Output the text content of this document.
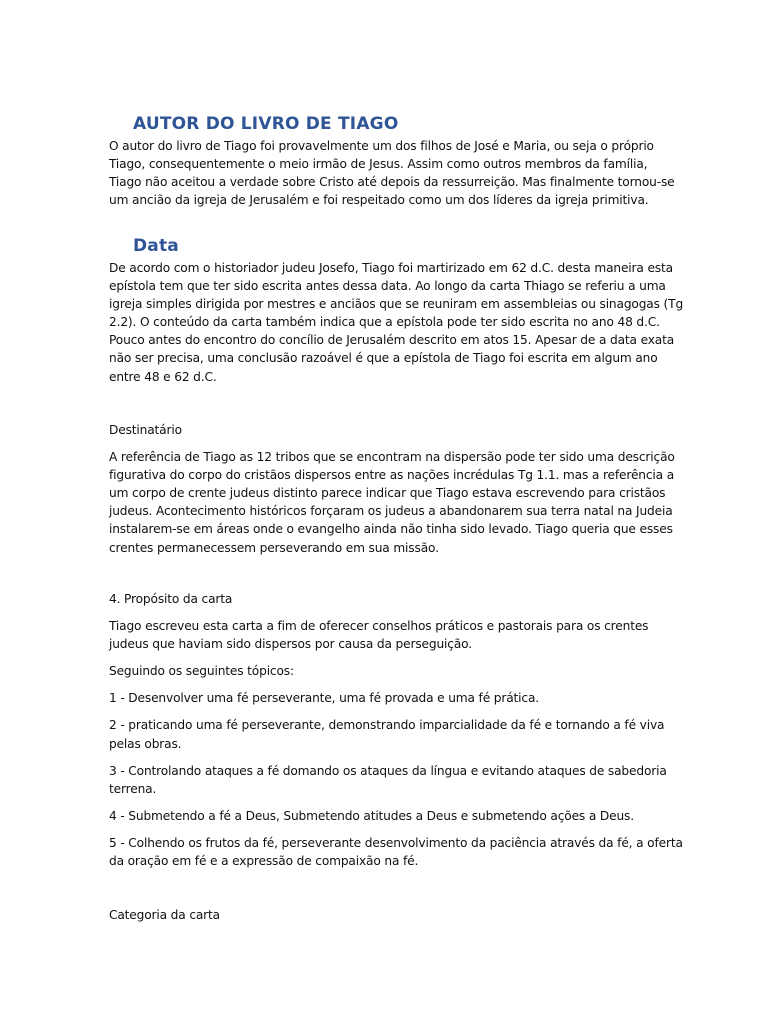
AUTOR DO LIVRO DE TIAGO

O autor do livro de Tiago foi provavelmente um dos filhos de José e Maria, ou seja o próprio
Tiago, consequentemente o meio irmão de Jesus. Assim como outros membros da família,
Tiago não aceitou a verdade sobre Cristo até depois da ressurreição. Mas finalmente tornou-se
um ancião da igreja de Jerusalém e foi respeitado como um dos líderes da igreja primitiva.

Data

De acordo com o historiador judeu Josefo, Tiago foi martirizado em 62 d.C. desta maneira esta
epístola tem que ter sido escrita antes dessa data. Ao longo da carta Thiago se referiu a uma
igreja simples dirigida por mestres e anciãos que se reuniram em assembleias ou sinagogas (Tg
2.2). O conteúdo da carta também indica que a epístola pode ter sido escrita no ano 48 d.C.
Pouco antes do encontro do concílio de Jerusalém descrito em atos 15. Apesar de a data exata
não ser precisa, uma conclusão razoável é que a epístola de Tiago foi escrita em algum ano
entre 48 e 62 d.C.

Destinatário

A referência de Tiago as 12 tribos que se encontram na dispersão pode ter sido uma descrição
figurativa do corpo do cristãos dispersos entre as nações incrédulas Tg 1.1. mas a referência a
um corpo de crente judeus distinto parece indicar que Tiago estava escrevendo para cristãos
judeus. Acontecimento históricos forçaram os judeus a abandonarem sua terra natal na Judeia
instalarem-se em áreas onde o evangelho ainda não tinha sido levado. Tiago queria que esses
crentes permanecessem perseverando em sua missão.

4. Propósito da carta

Tiago escreveu esta carta a fim de oferecer conselhos práticos e pastorais para os crentes
judeus que haviam sido dispersos por causa da perseguição.

Seguindo os seguintes tópicos:

1 - Desenvolver uma fé perseverante, uma fé provada e uma fé prática.

2 - praticando uma fé perseverante, demonstrando imparcialidade da fé e tornando a fé viva
pelas obras.

3 - Controlando ataques a fé domando os ataques da língua e evitando ataques de sabedoria
terrena.

4 - Submetendo a fé a Deus, Submetendo atitudes a Deus e submetendo ações a Deus.

5 - Colhendo os frutos da fé, perseverante desenvolvimento da paciência através da fé, a oferta
da oração em fé e a expressão de compaixão na fé.

Categoria da carta
